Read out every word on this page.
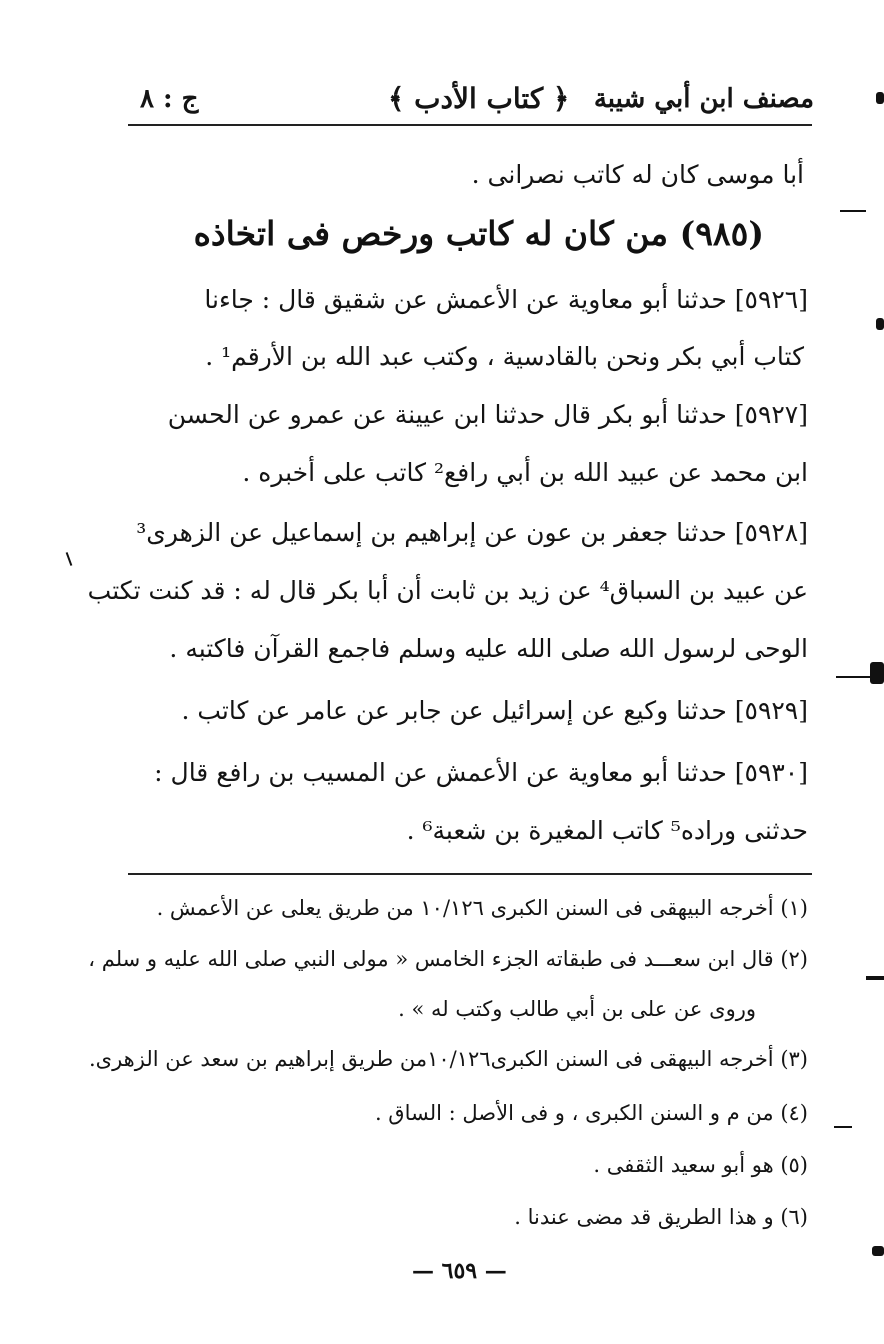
مصنف ابن أبي شيبة
﴿ كتاب الأدب ﴾
ج : ٨
أبا موسى كان له كاتب نصرانى .
(٩٨٥) من كان له كاتب ورخص فى اتخاذه
[٥٩٢٦] حدثنا أبو معاوية عن الأعمش عن شقيق قال : جاءنا
كتاب أبي بكر ونحن بالقادسية ، وكتب عبد الله بن الأرقم¹ .
[٥٩٢٧] حدثنا أبو بكر قال حدثنا ابن عيينة عن عمرو عن الحسن
ابن محمد عن عبيد الله بن أبي رافع² كاتب على أخبره .
[٥٩٢٨] حدثنا جعفر بن عون عن إبراهيم بن إسماعيل عن الزهرى³
عن عبيد بن السباق⁴ عن زيد بن ثابت أن أبا بكر قال له : قد كنت تكتب
الوحى لرسول الله صلى الله عليه وسلم فاجمع القرآن فاكتبه .
[٥٩٢٩] حدثنا وكيع عن إسرائيل عن جابر عن عامر عن كاتب .
[٥٩٣٠] حدثنا أبو معاوية عن الأعمش عن المسيب بن رافع قال :
حدثنى وراده⁵ كاتب المغيرة بن شعبة⁶ .
(١) أخرجه البيهقى فى السنن الكبرى ١٠/١٢٦ من طريق يعلى عن الأعمش .
(٢) قال ابن سعـــد فى طبقاته الجزء الخامس « مولى النبي صلى الله عليه و سلم ،
وروى عن على بن أبي طالب وكتب له » .
(٣) أخرجه البيهقى فى السنن الكبرى١٠/١٢٦من طريق إبراهيم بن سعد عن الزهرى.
(٤) من م و السنن الكبرى ، و فى الأصل : الساق .
(٥) هو أبو سعيد الثقفى .
(٦) و هذا الطريق قد مضى عندنا .
— ٦٥٩ —
